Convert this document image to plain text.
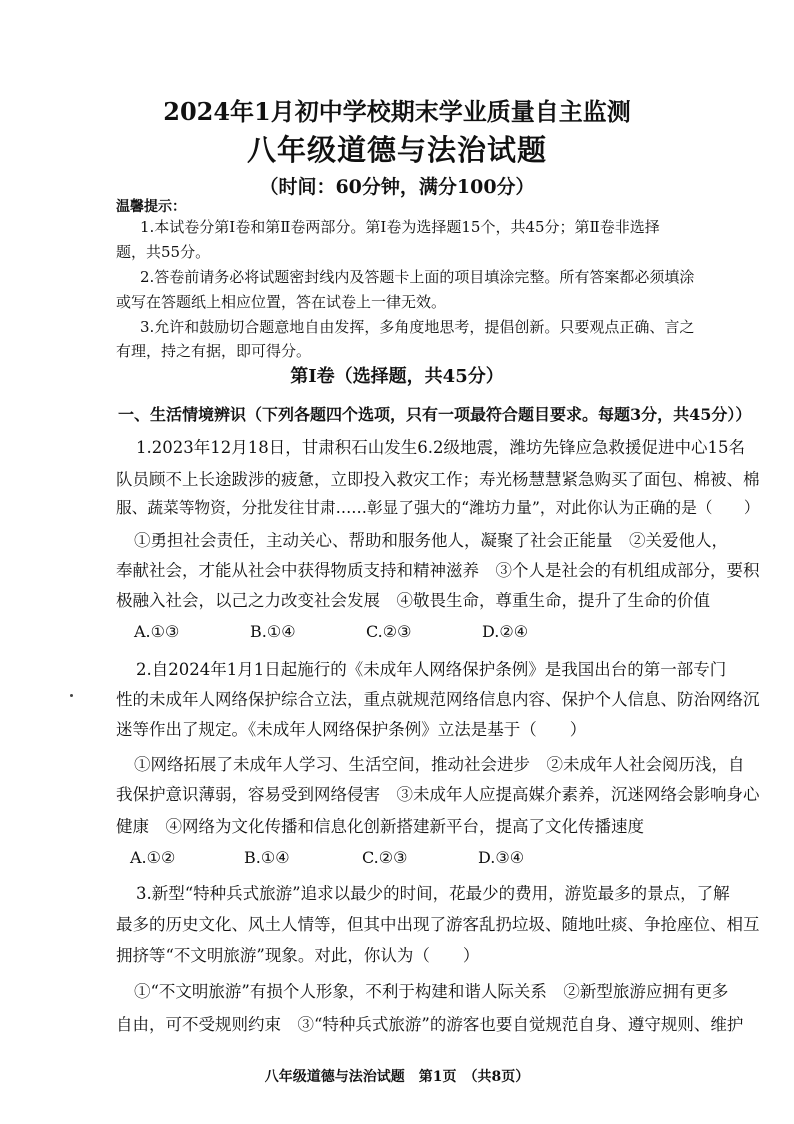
2024年1月初中学校期末学业质量自主监测
八年级道德与法治试题
（时间：60分钟，满分100分）
温馨提示：
1.本试卷分第Ⅰ卷和第Ⅱ卷两部分。第Ⅰ卷为选择题15个，共45分；第Ⅱ卷非选择
题，共55分。
2.答卷前请务必将试题密封线内及答题卡上面的项目填涂完整。所有答案都必须填涂
或写在答题纸上相应位置，答在试卷上一律无效。
3.允许和鼓励切合题意地自由发挥，多角度地思考，提倡创新。只要观点正确、言之
有理，持之有据，即可得分。
第Ⅰ卷（选择题，共45分）
一、生活情境辨识（下列各题四个选项，只有一项最符合题目要求。每题3分，共45分））
1.2023年12月18日，甘肃积石山发生6.2级地震，潍坊先锋应急救援促进中心15名
队员顾不上长途跋涉的疲惫，立即投入救灾工作；寿光杨慧慧紧急购买了面包、棉被、棉
服、蔬菜等物资，分批发往甘肃……彰显了强大的“潍坊力量”，对此你认为正确的是（　　）
①勇担社会责任，主动关心、帮助和服务他人，凝聚了社会正能量　②关爱他人，
奉献社会，才能从社会中获得物质支持和精神滋养　③个人是社会的有机组成部分，要积
极融入社会，以己之力改变社会发展　④敬畏生命，尊重生命，提升了生命的价值
A.①③	B.①④	C.②③	D.②④
2.自2024年1月1日起施行的《未成年人网络保护条例》是我国出台的第一部专门
性的未成年人网络保护综合立法，重点就规范网络信息内容、保护个人信息、防治网络沉
迷等作出了规定。《未成年人网络保护条例》立法是基于（　　）
①网络拓展了未成年人学习、生活空间，推动社会进步　②未成年人社会阅历浅，自
我保护意识薄弱，容易受到网络侵害　③未成年人应提高媒介素养，沉迷网络会影响身心
健康　④网络为文化传播和信息化创新搭建新平台，提高了文化传播速度
A.①②	B.①④	C.②③	D.③④
3.新型“特种兵式旅游”追求以最少的时间，花最少的费用，游览最多的景点，了解
最多的历史文化、风土人情等，但其中出现了游客乱扔垃圾、随地吐痰、争抢座位、相互
拥挤等“不文明旅游”现象。对此，你认为（　　）
①“不文明旅游”有损个人形象，不利于构建和谐人际关系　②新型旅游应拥有更多
自由，可不受规则约束　③“特种兵式旅游”的游客也要自觉规范自身、遵守规则、维护
八年级道德与法治试题　第1页　（共8页）
